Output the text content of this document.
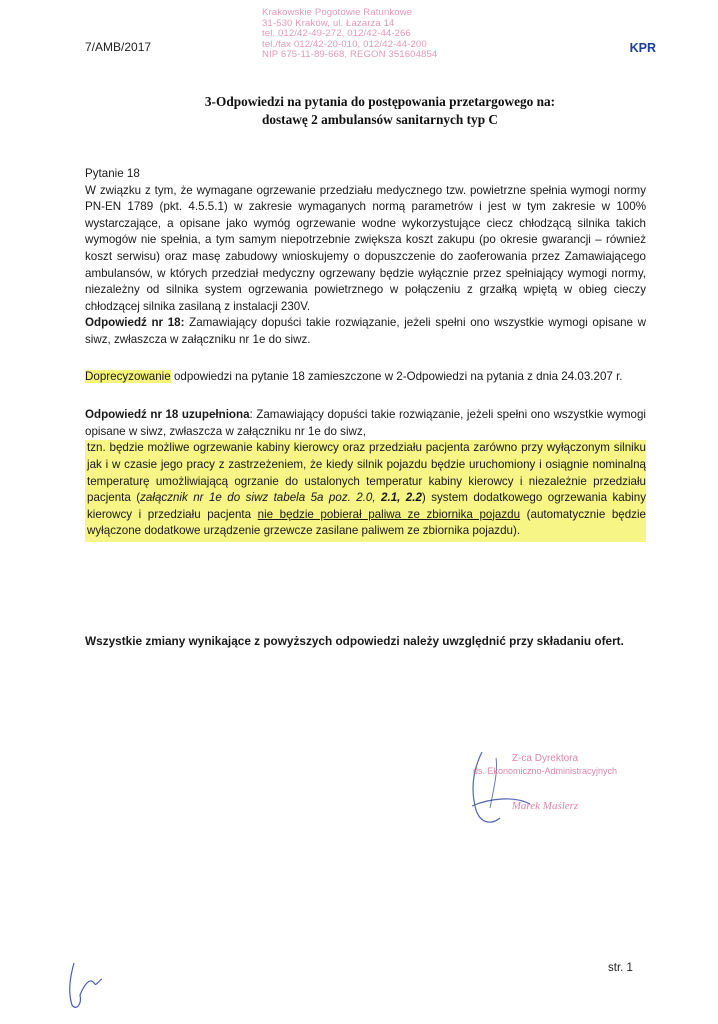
7/AMB/2017	KPR
Krakowskie Pogotowie Ratunkowe
31-530 Kraków, ul. Łazarza 14
tel. 012/42-49-272, 012/42-44-266
tel./fax 012/42-20-010, 012/42-44-200
NIP 675-11-89-668, REGON 351604854
3-Odpowiedzi na pytania do postępowania przetargowego na:
dostawę 2 ambulansów sanitarnych typ C

Pytanie 18

W związku z tym, że wymagane ogrzewanie przedziału medycznego tzw. powietrzne spełnia wymogi normy PN-EN 1789 (pkt. 4.5.5.1) w zakresie wymaganych normą parametrów i jest w tym zakresie w 100% wystarczające, a opisane jako wymóg ogrzewanie wodne wykorzystujące ciecz chłodzącą silnika takich wymogów nie spełnia, a tym samym niepotrzebnie zwiększa koszt zakupu (po okresie gwarancji – również koszt serwisu) oraz masę zabudowy wnioskujemy o dopuszczenie do zaoferowania przez Zamawiającego ambulansów, w których przedział medyczny ogrzewany będzie wyłącznie przez spełniający wymogi normy, niezależny od silnika system ogrzewania powietrznego w połączeniu z grzałką wpiętą w obieg cieczy chłodzącej silnika zasilaną z instalacji 230V.

Odpowiedź nr 18: Zamawiający dopuści takie rozwiązanie, jeżeli spełni ono wszystkie wymogi opisane w siwz, zwłaszcza w załączniku nr 1e do siwz.

Doprecyzowanie odpowiedzi na pytanie 18 zamieszczone w 2-Odpowiedzi na pytania z dnia 24.03.207 r.

Odpowiedź nr 18 uzupełniona: Zamawiający dopuści takie rozwiązanie, jeżeli spełni ono wszystkie wymogi opisane w siwz, zwłaszcza w załączniku nr 1e do siwz,

tzn. będzie możliwe ogrzewanie kabiny kierowcy oraz przedziału pacjenta zarówno przy wyłączonym silniku jak i w czasie jego pracy z zastrzeżeniem, że kiedy silnik pojazdu będzie uruchomiony i osiągnie nominalną temperaturę umożliwiającą ogrzanie do ustalonych temperatur kabiny kierowcy i niezależnie przedziału pacjenta (załącznik nr 1e do siwz tabela 5a poz. 2.0, 2.1, 2.2) system dodatkowego ogrzewania kabiny kierowcy i przedziału pacjenta nie będzie pobierał paliwa ze zbiornika pojazdu (automatycznie będzie wyłączone dodatkowe urządzenie grzewcze zasilane paliwem ze zbiornika pojazdu).

Wszystkie zmiany wynikające z powyższych odpowiedzi należy uwzględnić przy składaniu ofert.
Z-ca Dyrektora
ds. Ekonomiczno-Administracyjnych
Marek Maślerz
str. 1
